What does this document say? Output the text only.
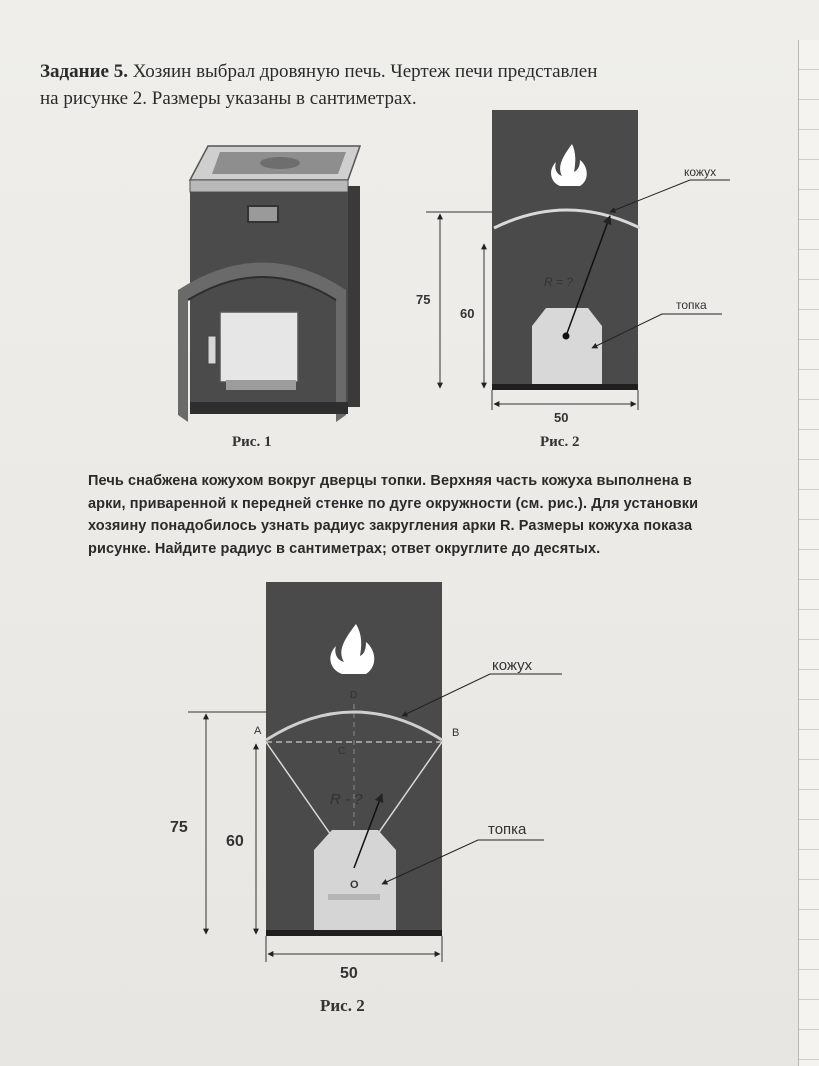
Задание 5. Хозяин выбрал дровяную печь. Чертеж печи представлен
на рисунке 2. Размеры указаны в сантиметрах.
Рис. 1
R = ?
кожух
топка
75
60
50
Рис. 2
Печь снабжена кожухом вокруг дверцы топки. Верхняя часть кожуха выполнена в
арки, приваренной к передней стенке по дуге окружности (см. рис.). Для установки
хозяину понадобилось узнать радиус закругления арки R. Размеры кожуха показа
рисунке. Найдите радиус в сантиметрах; ответ округлите до десятых.
R - ?
O
D
C
A	B
кожух
топка
75
60
50
Рис. 2
